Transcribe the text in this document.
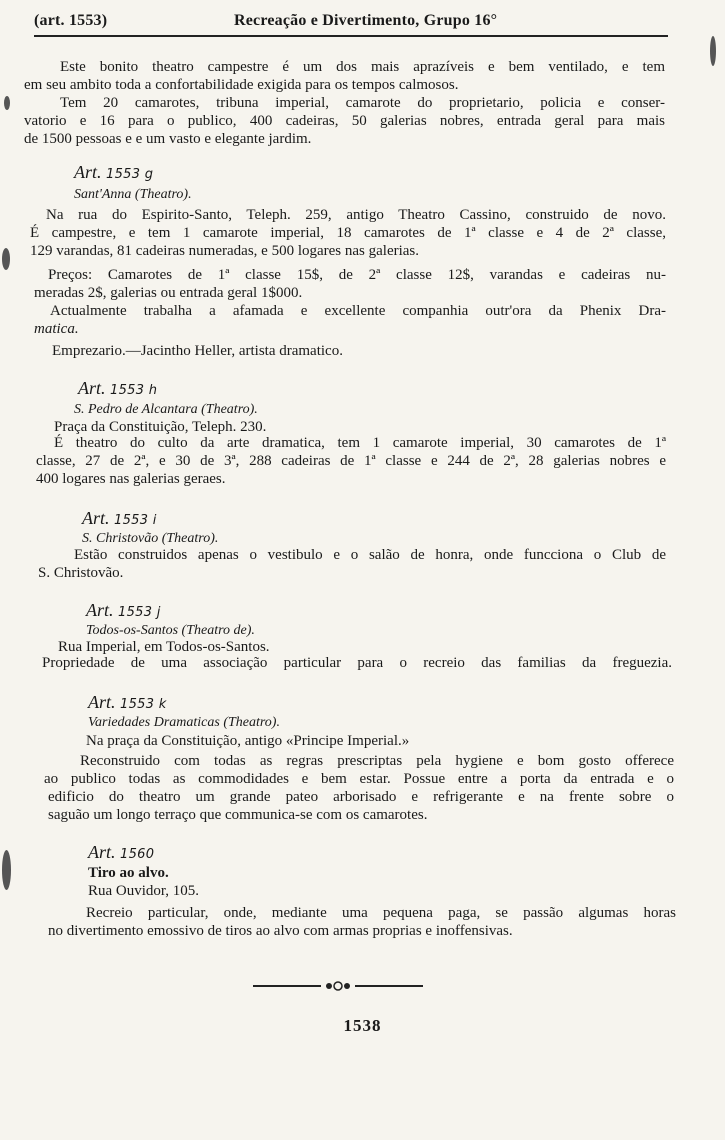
(art. 1553)	Recreação e Divertimento, Grupo 16°
Este bonito theatro campestre é um dos mais aprazíveis e bem ventilado, e tem
em seu ambito toda a confortabilidade exigida para os tempos calmosos.
Tem 20 camarotes, tribuna imperial, camarote do proprietario, policia e conser-
vatorio e 16 para o publico, 400 cadeiras, 50 galerias nobres, entrada geral para mais
de 1500 pessoas e e um vasto e elegante jardim.
Art. 1553 g
Sant'Anna (Theatro).
Na rua do Espirito-Santo, Teleph. 259, antigo Theatro Cassino, construido de novo.
É campestre, e tem 1 camarote imperial, 18 camarotes de 1ª classe e 4 de 2ª classe,
129 varandas, 81 cadeiras numeradas, e 500 logares nas galerias.
Preços: Camarotes de 1ª classe 15$, de 2ª classe 12$, varandas e cadeiras nu-
meradas 2$, galerias ou entrada geral 1$000.
Actualmente trabalha a afamada e excellente companhia outr'ora da Phenix Dra-
matica.
Emprezario.—Jacintho Heller, artista dramatico.
Art. 1553 h
S. Pedro de Alcantara (Theatro).
Praça da Constituição, Teleph. 230.
É theatro do culto da arte dramatica, tem 1 camarote imperial, 30 camarotes de 1ª
classe, 27 de 2ª, e 30 de 3ª, 288 cadeiras de 1ª classe e 244 de 2ª, 28 galerias nobres e
400 logares nas galerias geraes.
Art. 1553 i
S. Christovão (Theatro).
Estão construidos apenas o vestibulo e o salão de honra, onde funcciona o Club de
S. Christovão.
Art. 1553 j
Todos-os-Santos (Theatro de).
Rua Imperial, em Todos-os-Santos.
Propriedade de uma associação particular para o recreio das familias da freguezia.
Art. 1553 k
Variedades Dramaticas (Theatro).
Na praça da Constituição, antigo «Principe Imperial.»
Reconstruido com todas as regras prescriptas pela hygiene e bom gosto offerece
ao publico todas as commodidades e bem estar. Possue entre a porta da entrada e o
edificio do theatro um grande pateo arborisado e refrigerante e na frente sobre o
saguão um longo terraço que communica-se com os camarotes.
Art. 1560
Tiro ao alvo.
Rua Ouvidor, 105.
Recreio particular, onde, mediante uma pequena paga, se passão algumas horas
no divertimento emossivo de tiros ao alvo com armas proprias e inoffensivas.
1538
